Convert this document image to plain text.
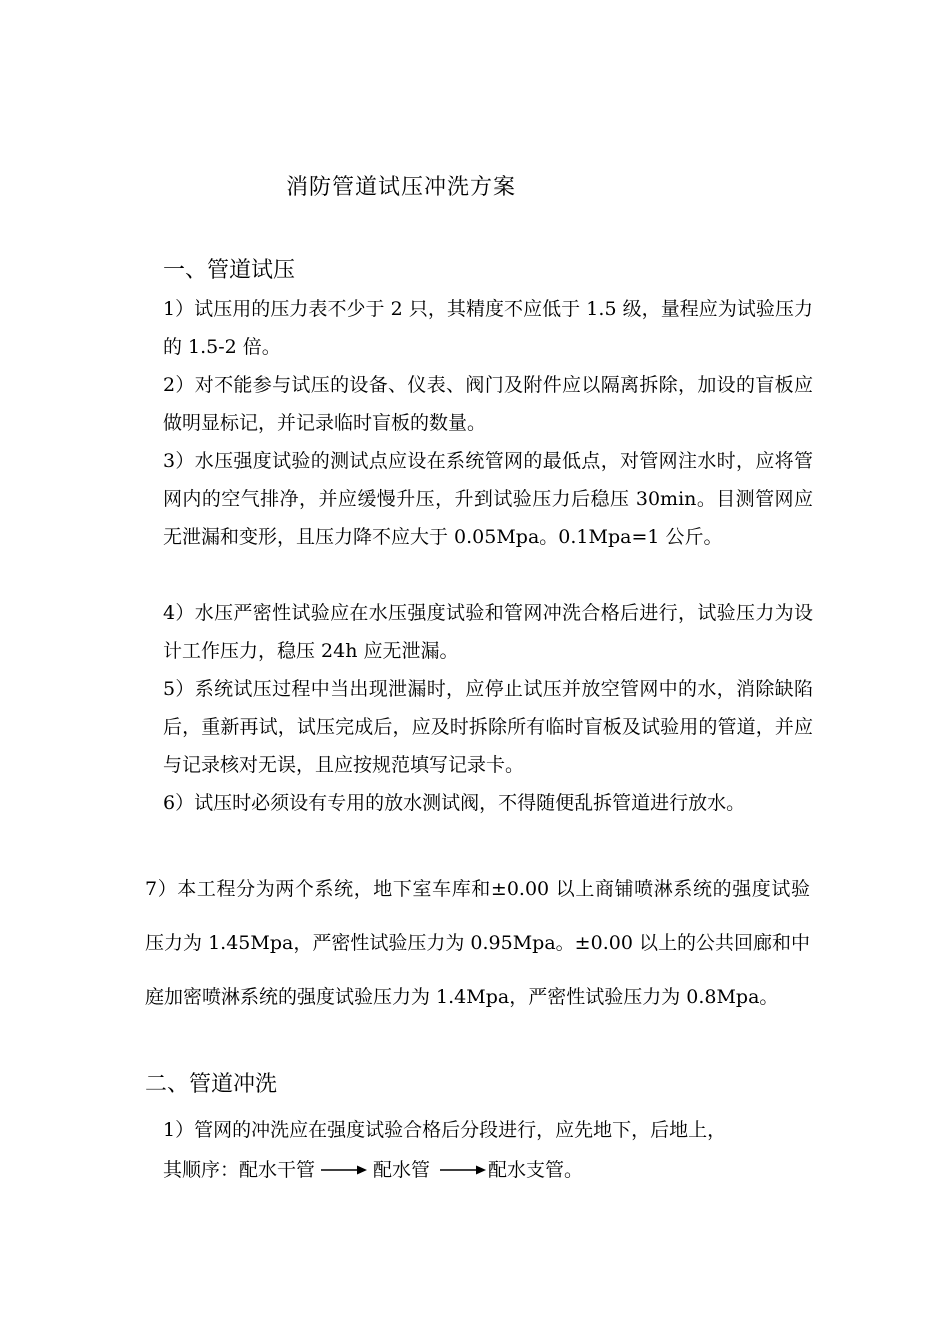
消防管道试压冲洗方案
一、管道试压
1）试压用的压力表不少于 2 只，其精度不应低于 1.5 级，量程应为试验压力的 1.5-2 倍。
2）对不能参与试压的设备、仪表、阀门及附件应以隔离拆除，加设的盲板应做明显标记，并记录临时盲板的数量。
3）水压强度试验的测试点应设在系统管网的最低点，对管网注水时，应将管网内的空气排净，并应缓慢升压，升到试验压力后稳压 30min。目测管网应无泄漏和变形，且压力降不应大于 0.05Mpa。0.1Mpa=1 公斤。
4）水压严密性试验应在水压强度试验和管网冲洗合格后进行，试验压力为设计工作压力，稳压 24h 应无泄漏。
5）系统试压过程中当出现泄漏时，应停止试压并放空管网中的水，消除缺陷后，重新再试，试压完成后，应及时拆除所有临时盲板及试验用的管道，并应与记录核对无误，且应按规范填写记录卡。
6）试压时必须设有专用的放水测试阀，不得随便乱拆管道进行放水。
7）本工程分为两个系统，地下室车库和±0.00 以上商铺喷淋系统的强度试验压力为 1.45Mpa，严密性试验压力为 0.95Mpa。±0.00 以上的公共回廊和中庭加密喷淋系统的强度试验压力为 1.4Mpa，严密性试验压力为 0.8Mpa。
二、管道冲洗
1）管网的冲洗应在强度试验合格后分段进行，应先地下，后地上，
其顺序： 配水干管	配水管	配水支管。
